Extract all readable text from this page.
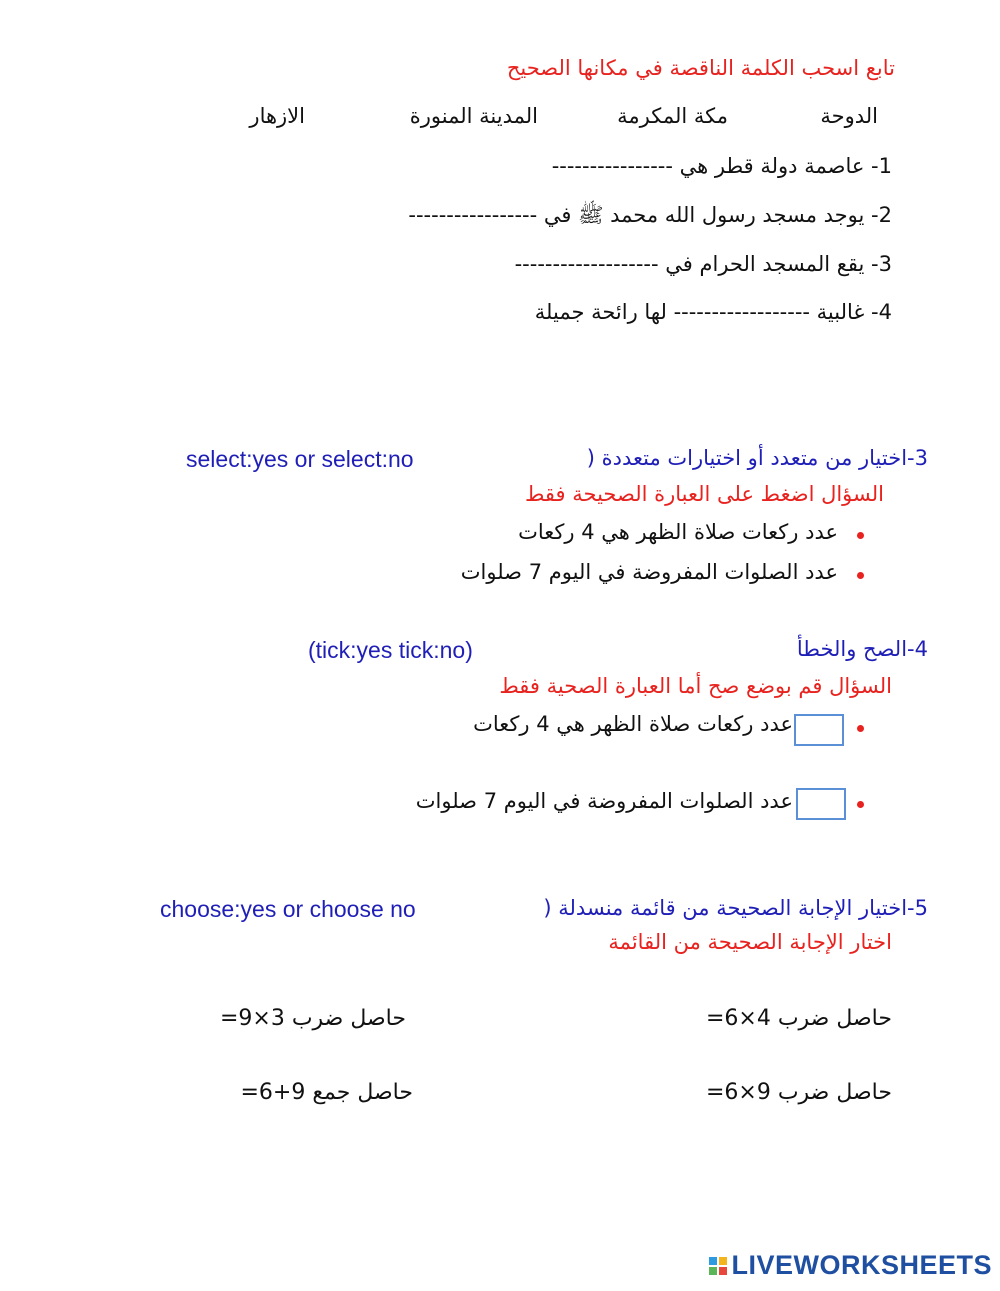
تابع اسحب الكلمة الناقصة في مكانها الصحيح
الدوحة
مكة المكرمة
المدينة المنورة
الازهار
1- عاصمة دولة قطر هي ----------------
2- يوجد مسجد رسول الله محمد ﷺ في -----------------
3- يقع المسجد الحرام في -------------------
4- غالبية ------------------ لها رائحة جميلة
3-اختيار من متعدد أو اختيارات متعددة (
select:yes or select:no
السؤال اضغط على العبارة الصحيحة فقط
عدد ركعات صلاة الظهر هي 4 ركعات
عدد الصلوات المفروضة في اليوم 7 صلوات
4-الصح والخطأ
(tick:yes tick:no)
السؤال قم بوضع صح أما العبارة الصحية فقط
عدد ركعات صلاة الظهر هي 4 ركعات
عدد الصلوات المفروضة في اليوم 7 صلوات
5-اختيار الإجابة الصحيحة من قائمة منسدلة (
choose:yes or choose no
اختار الإجابة الصحيحة من القائمة
حاصل ضرب 4×6=
حاصل ضرب 3×9=
حاصل ضرب 9×6=
حاصل جمع 9+6=
LIVEWORKSHEETS
